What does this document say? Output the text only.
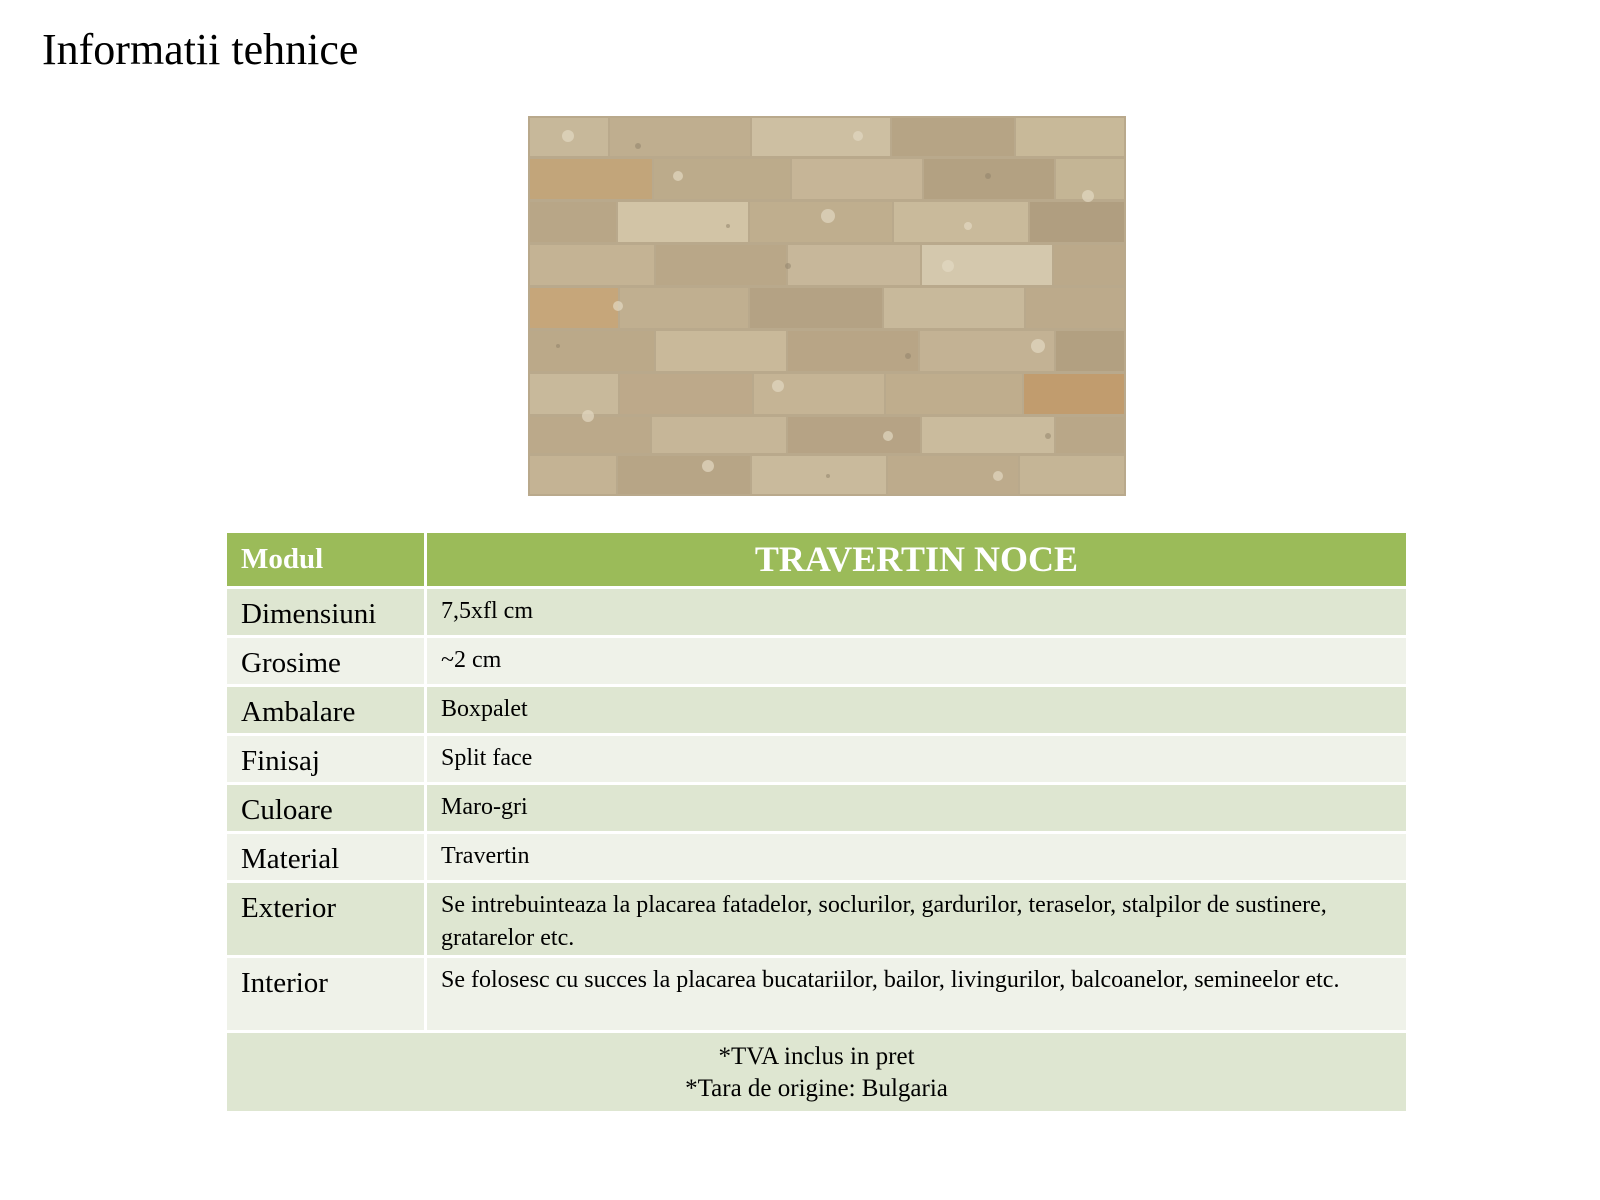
Informatii tehnice
Modul	TRAVERTIN NOCE
Dimensiuni	7,5xfl cm
Grosime	~2 cm
Ambalare	Boxpalet
Finisaj	Split face
Culoare	Maro-gri
Material	Travertin
Exterior	Se intrebuinteaza la placarea fatadelor, soclurilor, gardurilor, teraselor, stalpilor de sustinere, gratarelor etc.
Interior	Se folosesc cu succes la placarea bucatariilor, bailor, livingurilor, balcoanelor, semineelor etc.

*TVA inclus in pret
*Tara de origine: Bulgaria	
